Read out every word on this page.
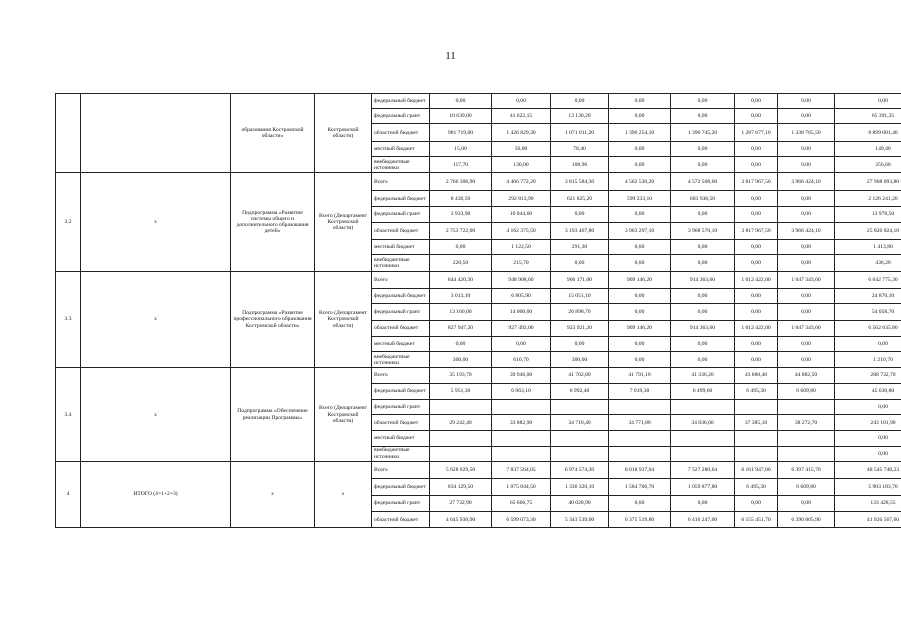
11
		образования Костромской области»	Костромской области)	федеральный бюджет	0,00	0,00	0,00	0,00	0,00	0,00	0,00	0,00
				федеральный грант	10 639,00	41 622,15	13 130,20	0,00	0,00	0,00	0,00	65 391,35
				областной бюджет	981 719,00	1 426 829,30	1 071 011,20	1 396 254,10	1 396 745,20	1 287 677,10	1 338 765,50	8 899 001,40
				местный бюджет	15,00	56,00	78,40	0,00	0,00	0,00	0,00	149,40
				внебюджетные источники	117,70	130,00	108,96	0,00	0,00	0,00	0,00	356,66
3.2	x	Подпрограмма «Развитие системы общего и дополнительного образования детей»	Всего (Департамент Костромской области)	Всего	2 766 306,90	4 466 772,20	3 815 584,30	4 562 530,20	4 572 508,60	3 817 967,50	3 966 424,10	27 968 093,80
				федеральный бюджет	8 430,50	292 813,90	621 825,20	599 233,10	603 938,50	0,00	0,00	2 126 241,20
				федеральный грант	3 933,90	10 044,60	0,00	0,00	0,00	0,00	0,00	13 978,50
				областной бюджет	2 753 722,00	4 162 375,50	3 193 467,80	3 963 297,10	3 968 570,10	3 817 967,50	3 966 424,10	25 826 024,10
				местный бюджет	0,00	1 122,50	291,30	0,00	0,00	0,00	0,00	1 413,80
				внебюджетные источники	220,50	215,70	0,00	0,00	0,00	0,00	0,00	436,20
3.3	x	Подпрограмма «Развитие профессионального образования Костромской области»	Всего (Департамент Костромской области)	Всего	844 420,30	948 908,60	966 171,00	909 146,20	914 363,60	1 012 422,00	1 047 343,60	6 642 775,30
				федеральный бюджет	3 013,10	6 805,90	15 051,10	0,00	0,00	0,00	0,00	24 870,10
				федеральный грант	13 160,00	14 000,00	26 898,70	0,00	0,00	0,00	0,00	54 058,70
				областной бюджет	827 947,20	927 492,00	923 921,20	909 146,20	914 363,60	1 012 422,00	1 047 343,60	6 562 635,80
				местный бюджет	0,00	0,00	0,00	0,00	0,00	0,00	0,00	0,00
				внебюджетные источники	300,00	610,70	300,00	0,00	0,00	0,00	0,00	1 210,70
3.4	x	Подпрограмма «Обеспечение реализации Программы»	Всего (Департамент Костромской области)	Всего	35 193,70	39 946,00	41 702,80	41 791,10	41 336,20	43 880,40	44 882,50	288 732,70
				федеральный бюджет	5 951,30	6 063,10	6 992,40	7 019,30	6 499,60	6 495,30	6 609,80	45 630,80
				федеральный грант								0,00
				областной бюджет	29 242,40	33 882,90	34 710,40	34 771,80	34 836,60	37 385,10	38 272,70	243 101,90
				местный бюджет								0,00
				внебюджетные источники								0,00
4	ИТОГО (4=1+2+3)	x	x	Всего	5 628 029,50	7 837 564,05	6 974 574,30	8 018 937,04	7 527 280,64	6 161 947,00	6 397 415,70	48 545 748,23
				федеральный бюджет	834 129,50	1 075 044,50	1 336 320,10	1 584 706,70	1 059 877,80	6 495,30	6 609,80	5 903 183,70
				федеральный грант	27 732,90	65 666,75	40 028,90	0,00	0,00	0,00	0,00	133 428,55
				областной бюджет	4 645 930,90	6 599 073,30	5 343 539,00	6 375 519,80	6 416 247,00	6 155 451,70	6 390 805,90	41 926 567,60
